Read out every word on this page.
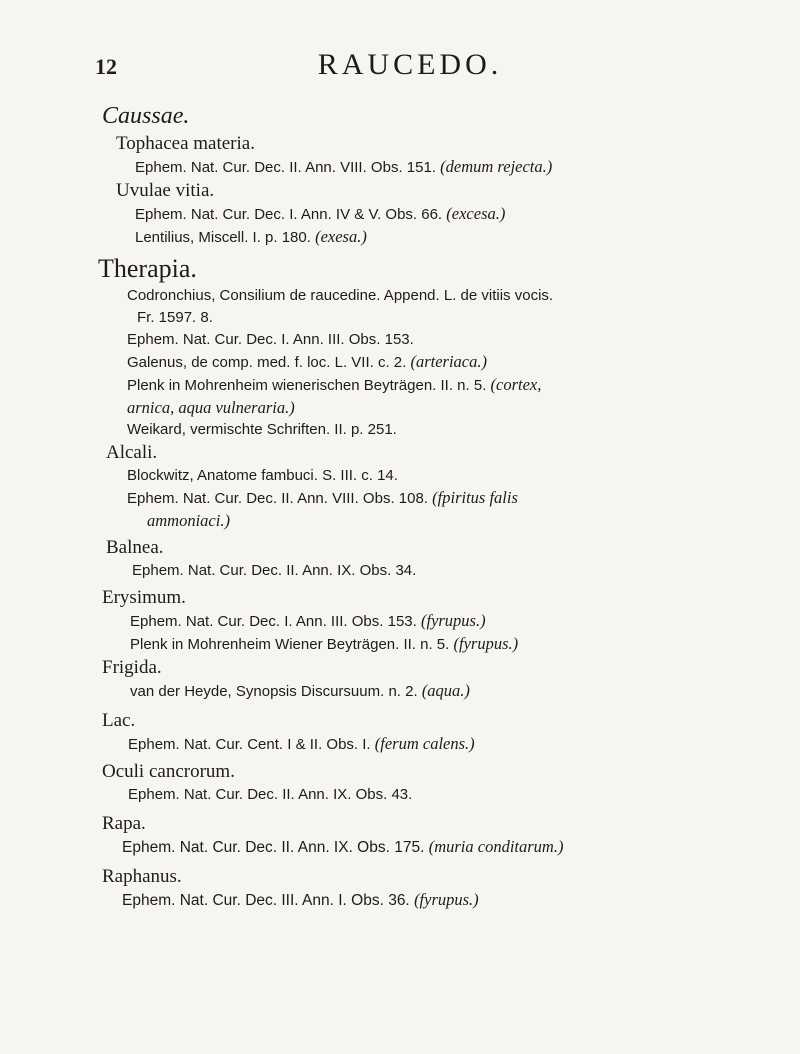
12	RAUCEDO.
Caussae.
Tophacea materia.
Ephem. Nat. Cur. Dec. II. Ann. VIII. Obs. 151. (demum rejecta.)
Uvulae vitia.
Ephem. Nat. Cur. Dec. I. Ann. IV & V. Obs. 66. (excesa.)
Lentilius, Miscell. I. p. 180. (exesa.)
Therapia.
Codronchius, Consilium de raucedine. Append. L. de vitiis vocis.
Fr. 1597. 8.
Ephem. Nat. Cur. Dec. I. Ann. III. Obs. 153.
Galenus, de comp. med. f. loc. L. VII. c. 2. (arteriaca.)
Plenk in Mohrenheim wienerischen Beyträgen. II. n. 5. (cortex,
arnica, aqua vulneraria.)
Weikard, vermischte Schriften. II. p. 251.
Alcali.
Blockwitz, Anatome fambuci. S. III. c. 14.
Ephem. Nat. Cur. Dec. II. Ann. VIII. Obs. 108. (fpiritus falis
ammoniaci.)
Balnea.
Ephem. Nat. Cur. Dec. II. Ann. IX. Obs. 34.
Erysimum.
Ephem. Nat. Cur. Dec. I. Ann. III. Obs. 153. (fyrupus.)
Plenk in Mohrenheim Wiener Beyträgen. II. n. 5. (fyrupus.)
Frigida.
van der Heyde, Synopsis Discursuum. n. 2. (aqua.)
Lac.
Ephem. Nat. Cur. Cent. I & II. Obs. I. (ferum calens.)
Oculi cancrorum.
Ephem. Nat. Cur. Dec. II. Ann. IX. Obs. 43.
Rapa.
Ephem. Nat. Cur. Dec. II. Ann. IX. Obs. 175. (muria conditarum.)
Raphanus.
Ephem. Nat. Cur. Dec. III. Ann. I. Obs. 36. (fyrupus.)
